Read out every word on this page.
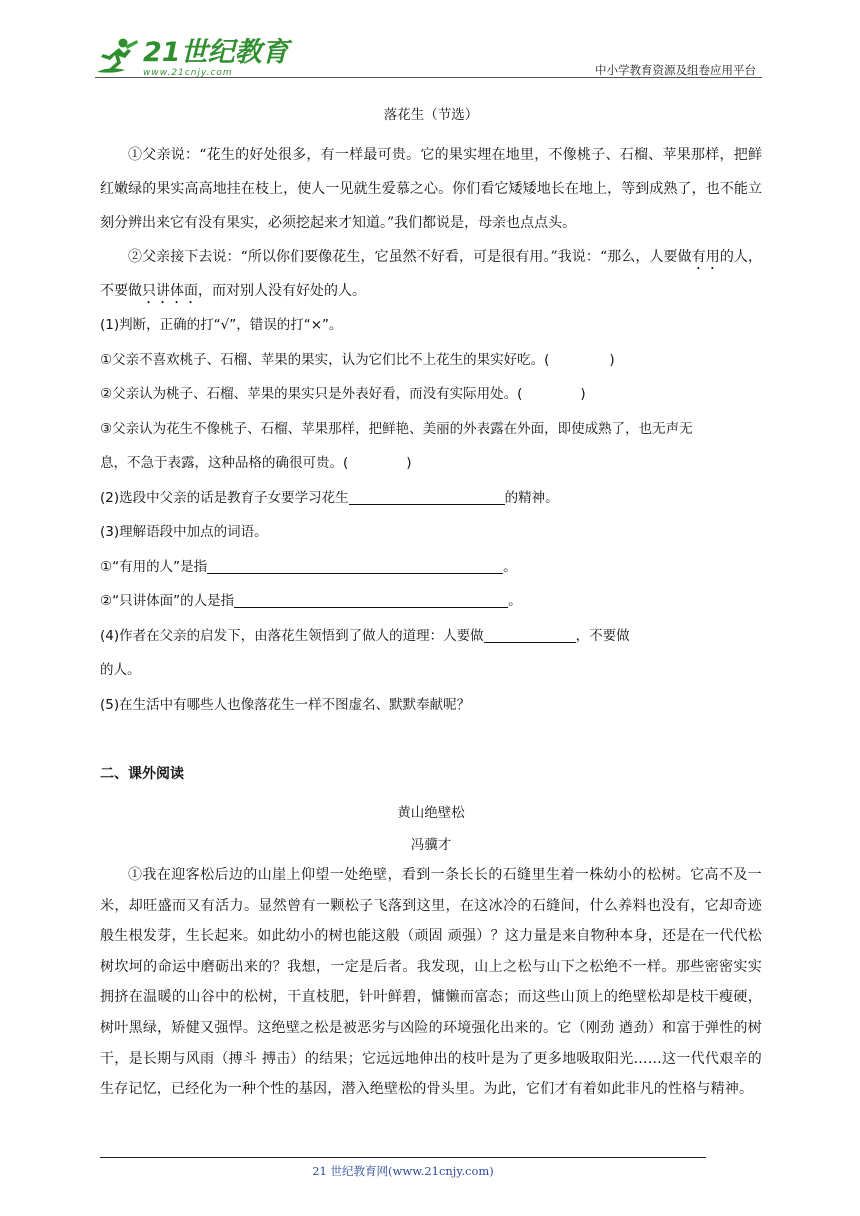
21世纪教育
www.21cnjy.com	中小学教育资源及组卷应用平台
落花生（节选）

①父亲说：“花生的好处很多，有一样最可贵。它的果实埋在地里，不像桃子、石榴、苹果那样，把鲜红嫩绿的果实高高地挂在枝上，使人一见就生爱慕之心。你们看它矮矮地长在地上，等到成熟了，也不能立刻分辨出来它有没有果实，必须挖起来才知道。”我们都说是，母亲也点点头。

②父亲接下去说：“所以你们要像花生，它虽然不好看，可是很有用。”我说：“那么，人要做有用的人，不要做只讲体面，而对别人没有好处的人。

(1)判断，正确的打“√”，错误的打“×”。

①父亲不喜欢桃子、石榴、苹果的果实，认为它们比不上花生的果实好吃。(	)

②父亲认为桃子、石榴、苹果的果实只是外表好看，而没有实际用处。(	)

③父亲认为花生不像桃子、石榴、苹果那样，把鲜艳、美丽的外表露在外面，即使成熟了，也无声无

息，不急于表露，这种品格的确很可贵。(	)

(2)选段中父亲的话是教育子女要学习花生	的精神。

(3)理解语段中加点的词语。

①“有用的人”是指	。

②“只讲体面”的人是指	。

(4)作者在父亲的启发下，由落花生领悟到了做人的道理：人要做	，不要做

的人。

(5)在生活中有哪些人也像落花生一样不图虚名、默默奉献呢？

二、课外阅读
黄山绝壁松
冯骥才

①我在迎客松后边的山崖上仰望一处绝壁，看到一条长长的石缝里生着一株幼小的松树。它高不及一米，却旺盛而又有活力。显然曾有一颗松子飞落到这里，在这冰冷的石缝间，什么养料也没有，它却奇迹般生根发芽，生长起来。如此幼小的树也能这般（顽固 顽强）？这力量是来自物种本身，还是在一代代松树坎坷的命运中磨砺出来的？我想，一定是后者。我发现，山上之松与山下之松绝不一样。那些密密实实拥挤在温暖的山谷中的松树，干直枝肥，针叶鲜碧，慵懒而富态；而这些山顶上的绝壁松却是枝干瘦硬，树叶黑绿，矫健又强悍。这绝壁之松是被恶劣与凶险的环境强化出来的。它（刚劲 遒劲）和富于弹性的树干，是长期与风雨（搏斗 搏击）的结果；它远远地伸出的枝叶是为了更多地吸取阳光……这一代代艰辛的生存记忆，已经化为一种个性的基因，潜入绝壁松的骨头里。为此，它们才有着如此非凡的性格与精神。

21 世纪教育网(www.21cnjy.com)
